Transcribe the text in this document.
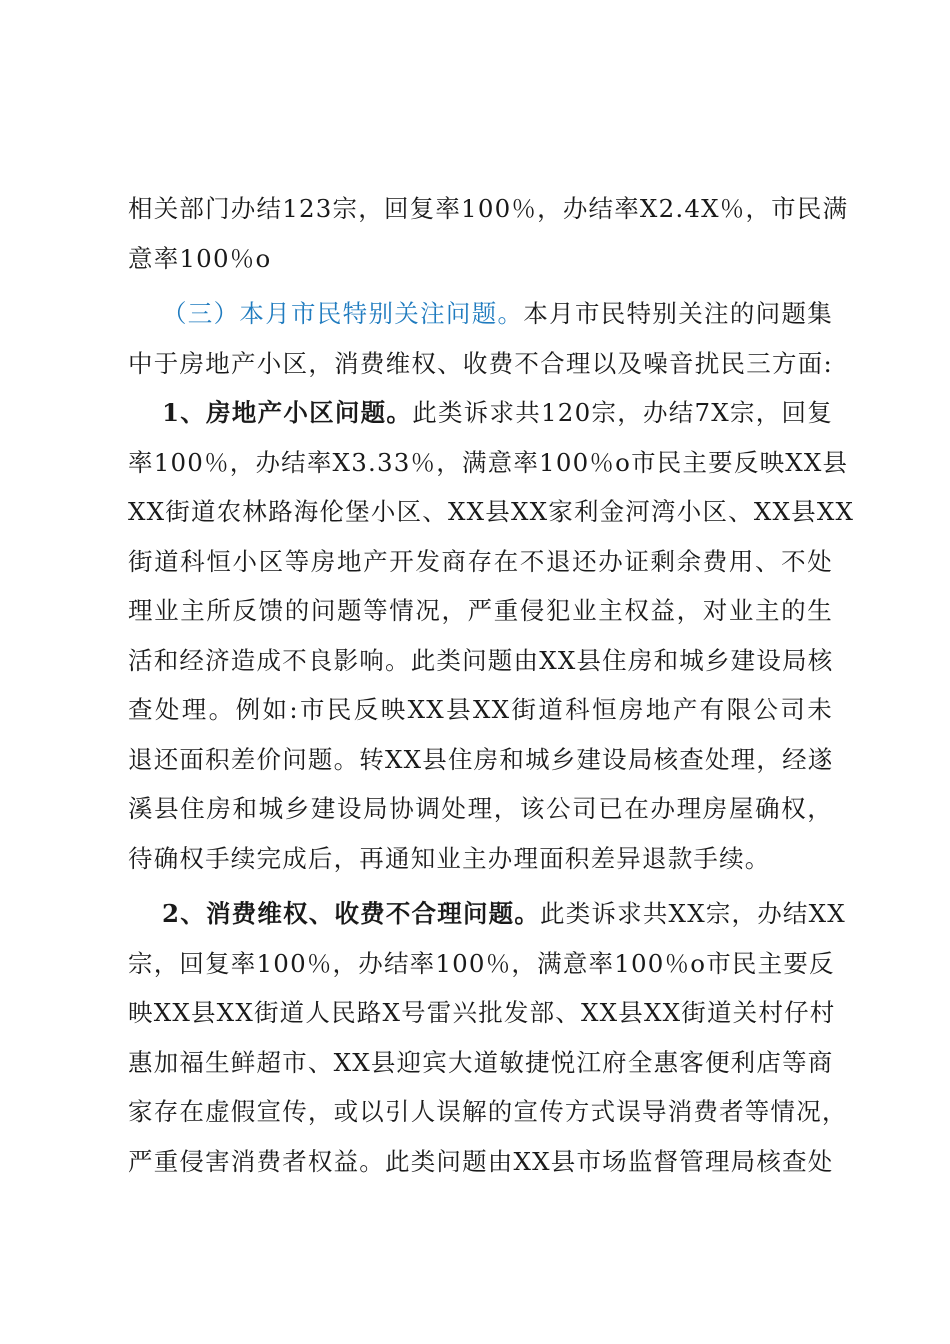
相关部门办结123宗，回复率100％，办结率X2.4X％，市民满
意率100％o
（三）本月市民特别关注问题。本月市民特别关注的问题集
中于房地产小区，消费维权、收费不合理以及噪音扰民三方面:
1、房地产小区问题。此类诉求共120宗，办结7X宗，回复
率100％，办结率X3.33％，满意率100％o市民主要反映XX县
XX街道农林路海伦堡小区、XX县XX家利金河湾小区、XX县XX
街道科恒小区等房地产开发商存在不退还办证剩余费用、不处
理业主所反馈的问题等情况，严重侵犯业主权益，对业主的生
活和经济造成不良影响。此类问题由XX县住房和城乡建设局核
查处理。例如:市民反映XX县XX街道科恒房地产有限公司未
退还面积差价问题。转XX县住房和城乡建设局核查处理，经遂
溪县住房和城乡建设局协调处理，该公司已在办理房屋确权，
待确权手续完成后，再通知业主办理面积差异退款手续。
2、消费维权、收费不合理问题。此类诉求共XX宗，办结XX
宗，回复率100％，办结率100％，满意率100％o市民主要反
映XX县XX街道人民路X号雷兴批发部、XX县XX街道关村仔村
惠加福生鲜超市、XX县迎宾大道敏捷悦江府全惠客便利店等商
家存在虚假宣传，或以引人误解的宣传方式误导消费者等情况，
严重侵害消费者权益。此类问题由XX县市场监督管理局核查处
